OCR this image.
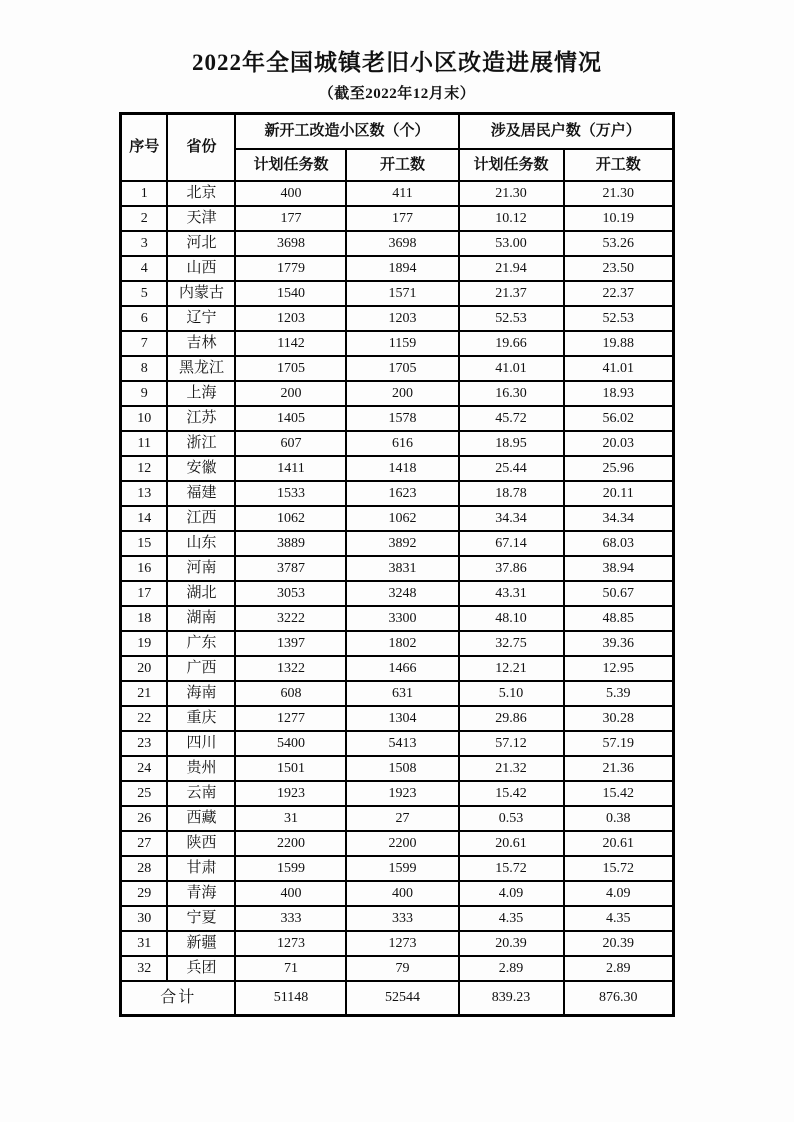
2022年全国城镇老旧小区改造进展情况
（截至2022年12月末）
序号	省份	新开工改造小区数（个）		涉及居民户数（万户）	
		计划任务数	开工数	计划任务数	开工数
1	北京	400	411	21.30	21.30
2	天津	177	177	10.12	10.19
3	河北	3698	3698	53.00	53.26
4	山西	1779	1894	21.94	23.50
5	内蒙古	1540	1571	21.37	22.37
6	辽宁	1203	1203	52.53	52.53
7	吉林	1142	1159	19.66	19.88
8	黑龙江	1705	1705	41.01	41.01
9	上海	200	200	16.30	18.93
10	江苏	1405	1578	45.72	56.02
11	浙江	607	616	18.95	20.03
12	安徽	1411	1418	25.44	25.96
13	福建	1533	1623	18.78	20.11
14	江西	1062	1062	34.34	34.34
15	山东	3889	3892	67.14	68.03
16	河南	3787	3831	37.86	38.94
17	湖北	3053	3248	43.31	50.67
18	湖南	3222	3300	48.10	48.85
19	广东	1397	1802	32.75	39.36
20	广西	1322	1466	12.21	12.95
21	海南	608	631	5.10	5.39
22	重庆	1277	1304	29.86	30.28
23	四川	5400	5413	57.12	57.19
24	贵州	1501	1508	21.32	21.36
25	云南	1923	1923	15.42	15.42
26	西藏	31	27	0.53	0.38
27	陕西	2200	2200	20.61	20.61
28	甘肃	1599	1599	15.72	15.72
29	青海	400	400	4.09	4.09
30	宁夏	333	333	4.35	4.35
31	新疆	1273	1273	20.39	20.39
32	兵团	71	79	2.89	2.89
合计		51148	52544	839.23	876.30
